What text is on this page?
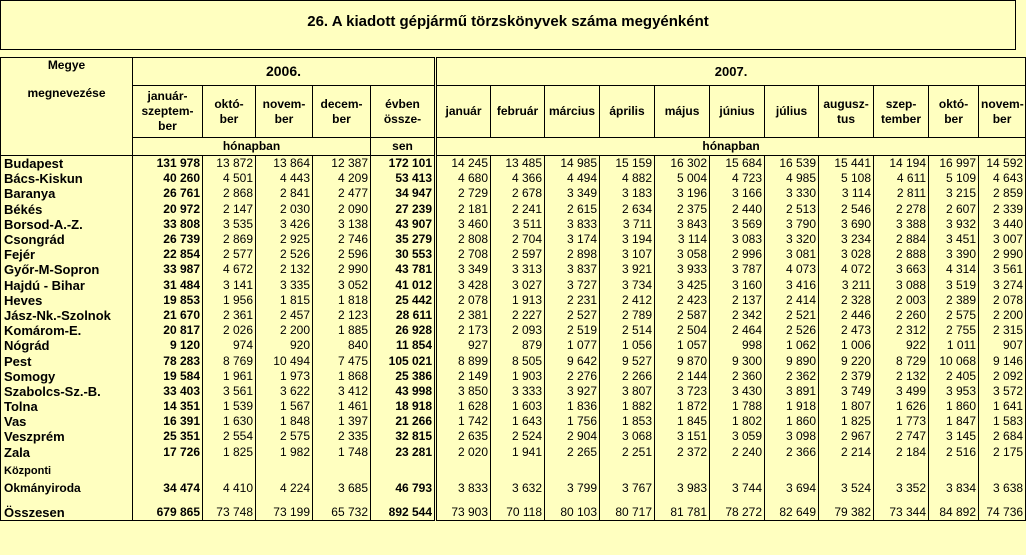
26. A kiadott gépjármű törzskönyvek száma megyénként
Megye	2006.					2007.										
megnevezése	január-
szeptem-
ber	októ-
ber	novem-
ber	decem-
ber	évben
össze-	január	február	március	április	május	június	július	augusz-
tus	szep-
tember	októ-
ber	novem-
ber
	hónapban				sen	hónapban										
Budapest	131 978	13 872	13 864	12 387	172 101	14 245	13 485	14 985	15 159	16 302	15 684	16 539	15 441	14 194	16 997	14 592
Bács-Kiskun	40 260	4 501	4 443	4 209	53 413	4 680	4 366	4 494	4 882	5 004	4 723	4 985	5 108	4 611	5 109	4 643
Baranya	26 761	2 868	2 841	2 477	34 947	2 729	2 678	3 349	3 183	3 196	3 166	3 330	3 114	2 811	3 215	2 859
Békés	20 972	2 147	2 030	2 090	27 239	2 181	2 241	2 615	2 634	2 375	2 440	2 513	2 546	2 278	2 607	2 339
Borsod-A.-Z.	33 808	3 535	3 426	3 138	43 907	3 460	3 511	3 833	3 711	3 843	3 569	3 790	3 690	3 388	3 932	3 440
Csongrád	26 739	2 869	2 925	2 746	35 279	2 808	2 704	3 174	3 194	3 114	3 083	3 320	3 234	2 884	3 451	3 007
Fejér	22 854	2 577	2 526	2 596	30 553	2 708	2 597	2 898	3 107	3 058	2 996	3 081	3 028	2 888	3 390	2 990
Győr-M-Sopron	33 987	4 672	2 132	2 990	43 781	3 349	3 313	3 837	3 921	3 933	3 787	4 073	4 072	3 663	4 314	3 561
Hajdú - Bihar	31 484	3 141	3 335	3 052	41 012	3 428	3 027	3 727	3 734	3 425	3 160	3 416	3 211	3 088	3 519	3 274
Heves	19 853	1 956	1 815	1 818	25 442	2 078	1 913	2 231	2 412	2 423	2 137	2 414	2 328	2 003	2 389	2 078
Jász-Nk.-Szolnok	21 670	2 361	2 457	2 123	28 611	2 381	2 227	2 527	2 789	2 587	2 342	2 521	2 446	2 260	2 575	2 200
Komárom-E.	20 817	2 026	2 200	1 885	26 928	2 173	2 093	2 519	2 514	2 504	2 464	2 526	2 473	2 312	2 755	2 315
Nógrád	9 120	974	920	840	11 854	927	879	1 077	1 056	1 057	998	1 062	1 006	922	1 011	907
Pest	78 283	8 769	10 494	7 475	105 021	8 899	8 505	9 642	9 527	9 870	9 300	9 890	9 220	8 729	10 068	9 146
Somogy	19 584	1 961	1 973	1 868	25 386	2 149	1 903	2 276	2 266	2 144	2 360	2 362	2 379	2 132	2 405	2 092
Szabolcs-Sz.-B.	33 403	3 561	3 622	3 412	43 998	3 850	3 333	3 927	3 807	3 723	3 430	3 891	3 749	3 499	3 953	3 572
Tolna	14 351	1 539	1 567	1 461	18 918	1 628	1 603	1 836	1 882	1 872	1 788	1 918	1 807	1 626	1 860	1 641
Vas	16 391	1 630	1 848	1 397	21 266	1 742	1 643	1 756	1 853	1 845	1 802	1 860	1 825	1 773	1 847	1 583
Veszprém	25 351	2 554	2 575	2 335	32 815	2 635	2 524	2 904	3 068	3 151	3 059	3 098	2 967	2 747	3 145	2 684
Zala	17 726	1 825	1 982	1 748	23 281	2 020	1 941	2 265	2 251	2 372	2 240	2 366	2 214	2 184	2 516	2 175

Központi
Okmányiroda	34 474	4 410	4 224	3 685	46 793	3 833	3 632	3 799	3 767	3 983	3 744	3 694	3 524	3 352	3 834	3 638
Összesen	679 865	73 748	73 199	65 732	892 544	73 903	70 118	80 103	80 717	81 781	78 272	82 649	79 382	73 344	84 892	74 736
